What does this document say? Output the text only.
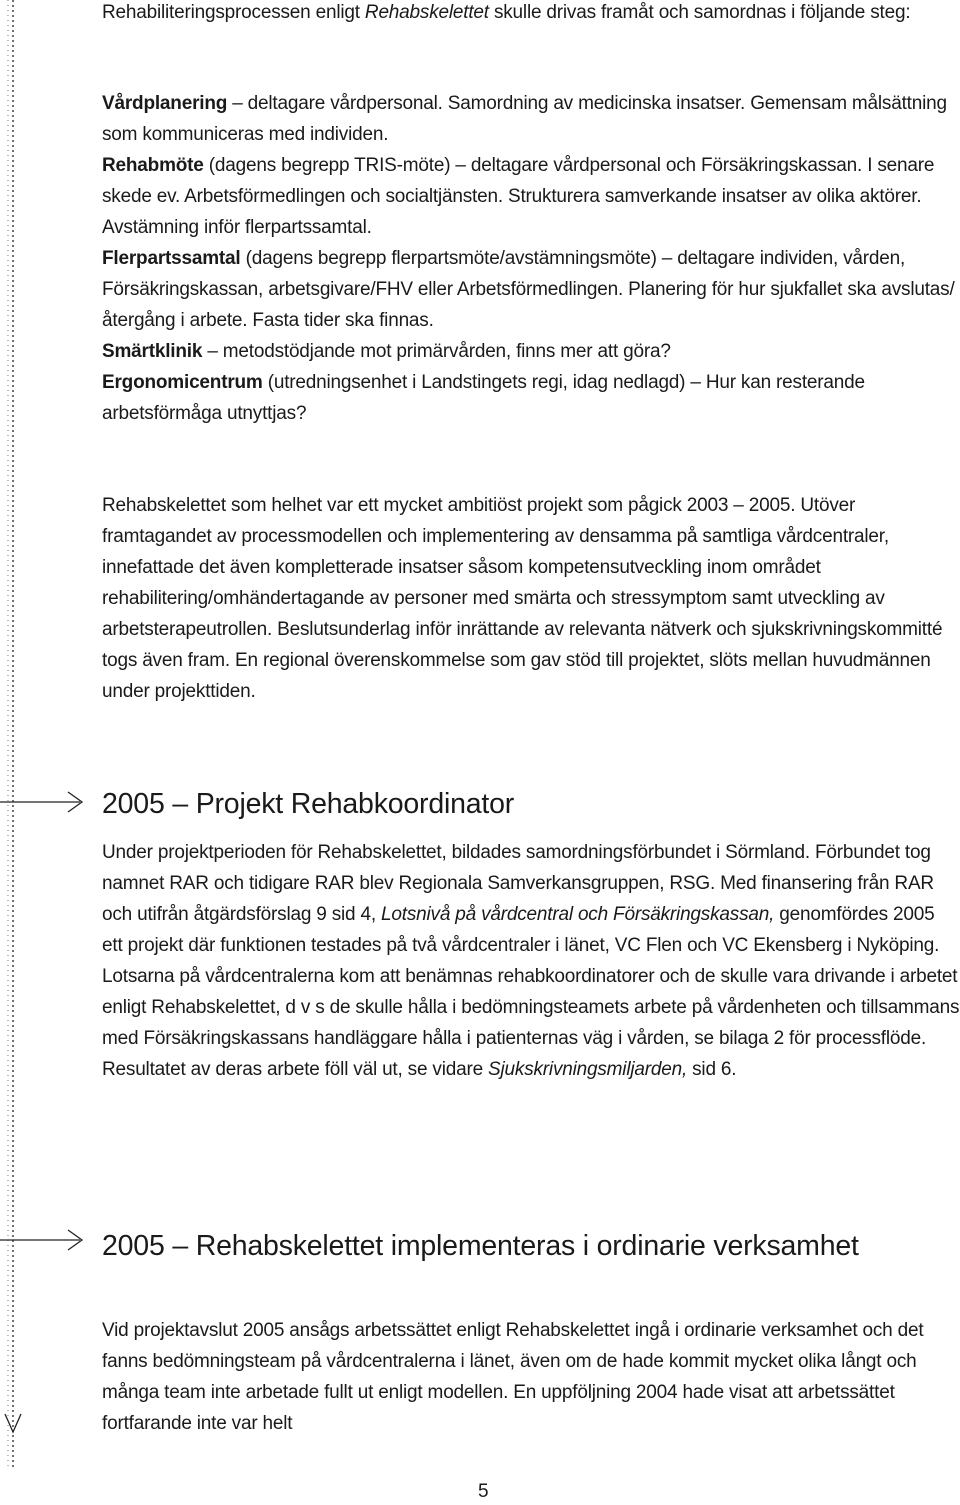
Rehabiliteringsprocessen enligt Rehabskelettet skulle drivas framåt och samordnas i följande steg:

Vårdplanering – deltagare vårdpersonal. Samordning av medicinska insatser. Gemensam målsättning som kommuniceras med individen.
Rehabmöte (dagens begrepp TRIS-möte) – deltagare vårdpersonal och Försäkringskassan. I senare skede ev. Arbetsförmedlingen och socialtjänsten. Strukturera samverkande insatser av olika aktörer. Avstämning inför flerpartssamtal.
Flerpartssamtal (dagens begrepp flerpartsmöte/avstämningsmöte) – deltagare individen, vården, Försäkringskassan, arbetsgivare/FHV eller Arbetsförmedlingen. Planering för hur sjukfallet ska avslutas/återgång i arbete. Fasta tider ska finnas.
Smärtklinik – metodstödjande mot primärvården, finns mer att göra?
Ergonomicentrum (utredningsenhet i Landstingets regi, idag nedlagd) – Hur kan resterande arbetsförmåga utnyttjas?

Rehabskelettet som helhet var ett mycket ambitiöst projekt som pågick 2003 – 2005. Utöver framtagandet av processmodellen och implementering av densamma på samtliga vårdcentraler, innefattade det även kompletterade insatser såsom kompetensutveckling inom området rehabilitering/omhändertagande av personer med smärta och stressymptom samt utveckling av arbetsterapeutrollen. Beslutsunderlag inför inrättande av relevanta nätverk och sjukskrivningskommitté togs även fram. En regional överenskommelse som gav stöd till projektet, slöts mellan huvudmännen under projekttiden.

2005 – Projekt Rehabkoordinator

Under projektperioden för Rehabskelettet, bildades samordningsförbundet i Sörmland. Förbundet tog namnet RAR och tidigare RAR blev Regionala Samverkansgruppen, RSG. Med finansering från RAR och utifrån åtgärdsförslag 9 sid 4, Lotsnivå på vårdcentral och Försäkringskassan, genomfördes 2005 ett projekt där funktionen testades på två vårdcentraler i länet, VC Flen och VC Ekensberg i Nyköping. Lotsarna på vårdcentralerna kom att benämnas rehabkoordinatorer och de skulle vara drivande i arbetet enligt Rehabskelettet, d v s de skulle hålla i bedömningsteamets arbete på vårdenheten och tillsammans med Försäkringskassans handläggare hålla i patienternas väg i vården, se bilaga 2 för processflöde. Resultatet av deras arbete föll väl ut, se vidare Sjukskrivningsmiljarden, sid 6.

2005 – Rehabskelettet implementeras i ordinarie verksamhet

Vid projektavslut 2005 ansågs arbetssättet enligt Rehabskelettet ingå i ordinarie verksamhet och det fanns bedömningsteam på vårdcentralerna i länet, även om de hade kommit mycket olika långt och många team inte arbetade fullt ut enligt modellen. En uppföljning 2004 hade visat att arbetssättet fortfarande inte var helt

5
